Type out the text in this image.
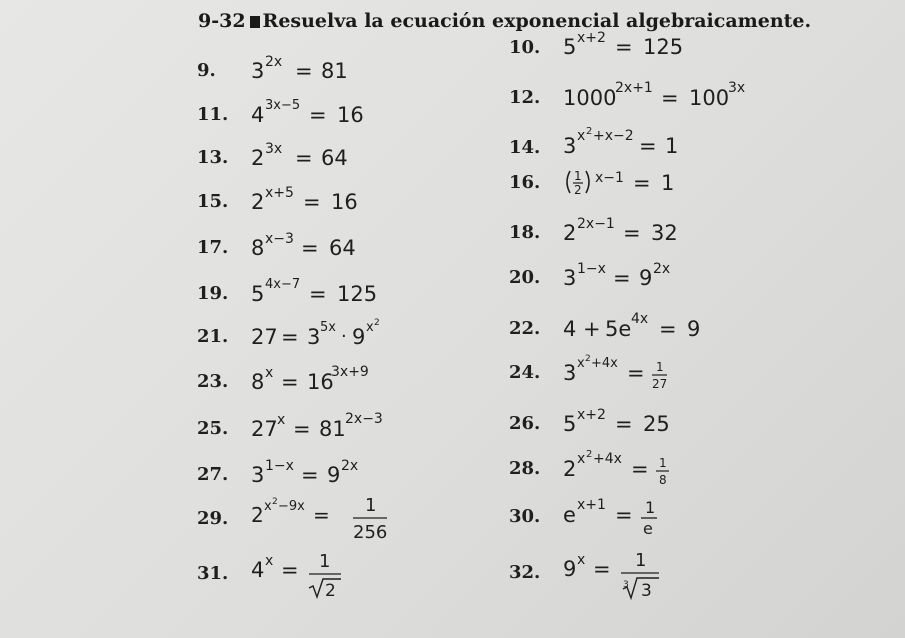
9-32 Resuelva la ecuación exponencial algebraicamente.
9. 3 2x = 81
10. 5 x+2 = 125
11. 4 3x−5 = 16
12. 1000
2x+1 = 100
3x
13. 2 3x = 64	14. 3 x 2 +x−2 = 1
15. 2 x+5 = 16
16.	1
2
x−1 = 1
17. 8 x−3 = 64
18. 2 2x−1 = 32
19. 5 4x−7 = 125
20. 3 1−x = 9 2x
21. 27 = 3 5x · 9 x 2	22. 4 + 5e 4x = 9
23. 8 x = 16
3x+9	24. 3 x 2 +4x = 1
27
25. 27 x = 81 2x−3	26. 5 x+2 = 25
27. 3 1−x = 9 2x	28. 2 x 2 +4x = 1
8
29. 2 x 2 −9x = 1
256
30. e x+1 = 1
e
31. 4 x = 1
2
32. 9 x = 1
3 3
